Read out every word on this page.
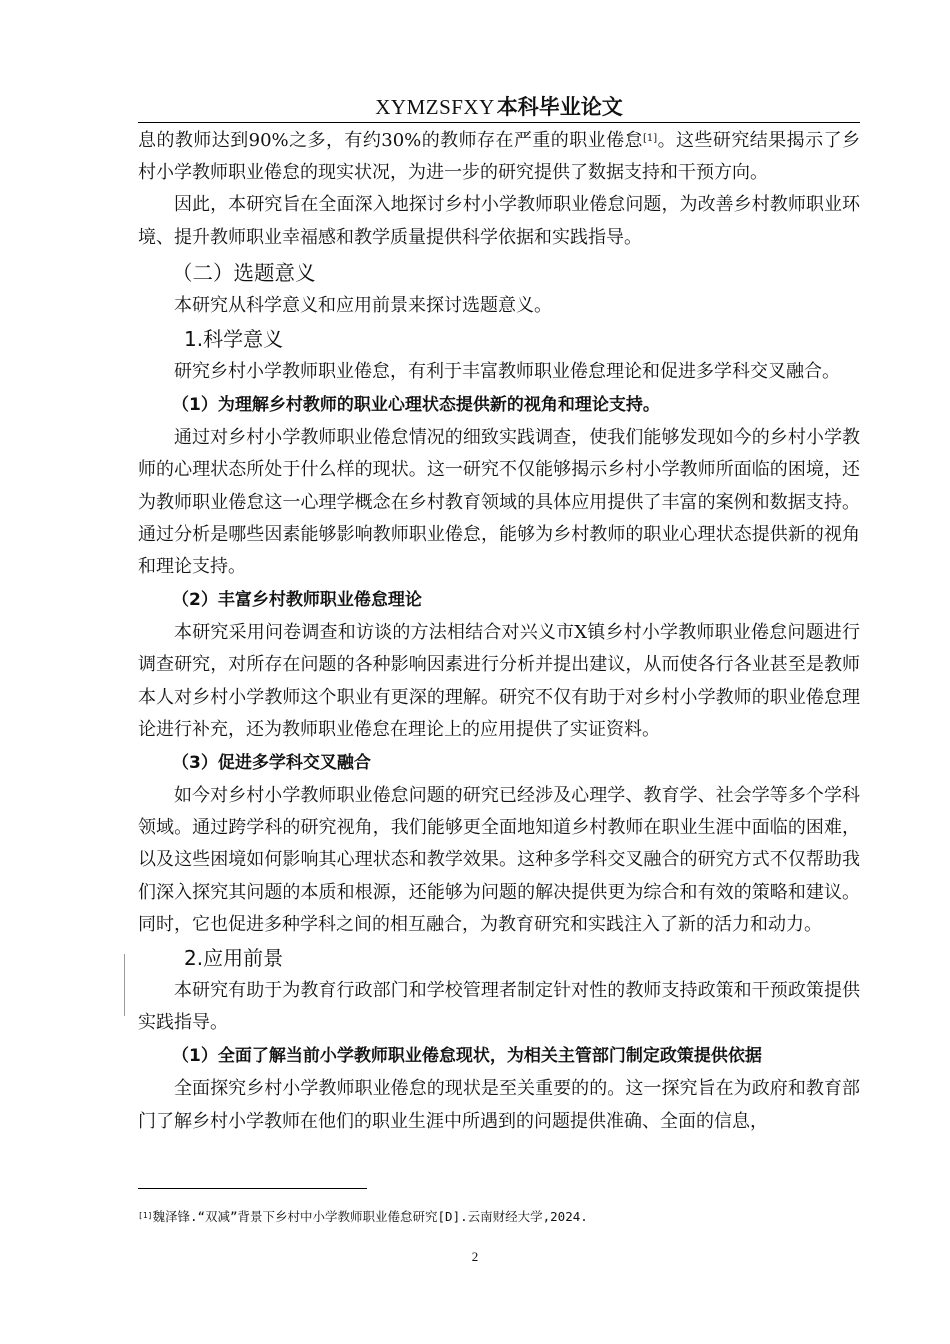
XYMZSFXY本科毕业论文

息的教师达到90%之多，有约30%的教师存在严重的职业倦怠[1]。这些研究结果揭示了乡村小学教师职业倦怠的现实状况，为进一步的研究提供了数据支持和干预方向。

因此，本研究旨在全面深入地探讨乡村小学教师职业倦怠问题，为改善乡村教师职业环境、提升教师职业幸福感和教学质量提供科学依据和实践指导。

（二）选题意义

本研究从科学意义和应用前景来探讨选题意义。

1.科学意义

研究乡村小学教师职业倦怠，有利于丰富教师职业倦怠理论和促进多学科交叉融合。

（1）为理解乡村教师的职业心理状态提供新的视角和理论支持。

通过对乡村小学教师职业倦怠情况的细致实践调查，使我们能够发现如今的乡村小学教师的心理状态所处于什么样的现状。这一研究不仅能够揭示乡村小学教师所面临的困境，还为教师职业倦怠这一心理学概念在乡村教育领域的具体应用提供了丰富的案例和数据支持。通过分析是哪些因素能够影响教师职业倦怠，能够为乡村教师的职业心理状态提供新的视角和理论支持。

（2）丰富乡村教师职业倦怠理论

本研究采用问卷调查和访谈的方法相结合对兴义市X镇乡村小学教师职业倦怠问题进行调查研究，对所存在问题的各种影响因素进行分析并提出建议，从而使各行各业甚至是教师本人对乡村小学教师这个职业有更深的理解。研究不仅有助于对乡村小学教师的职业倦怠理论进行补充，还为教师职业倦怠在理论上的应用提供了实证资料。

（3）促进多学科交叉融合

如今对乡村小学教师职业倦怠问题的研究已经涉及心理学、教育学、社会学等多个学科领域。通过跨学科的研究视角，我们能够更全面地知道乡村教师在职业生涯中面临的困难，以及这些困境如何影响其心理状态和教学效果。这种多学科交叉融合的研究方式不仅帮助我们深入探究其问题的本质和根源，还能够为问题的解决提供更为综合和有效的策略和建议。同时，它也促进多种学科之间的相互融合，为教育研究和实践注入了新的活力和动力。

2.应用前景

本研究有助于为教育行政部门和学校管理者制定针对性的教师支持政策和干预政策提供实践指导。

（1）全面了解当前小学教师职业倦怠现状，为相关主管部门制定政策提供依据

全面探究乡村小学教师职业倦怠的现状是至关重要的的。这一探究旨在为政府和教育部门了解乡村小学教师在他们的职业生涯中所遇到的问题提供准确、全面的信息，

[1]魏泽锋.“双减”背景下乡村中小学教师职业倦怠研究[D].云南财经大学,2024.
2
